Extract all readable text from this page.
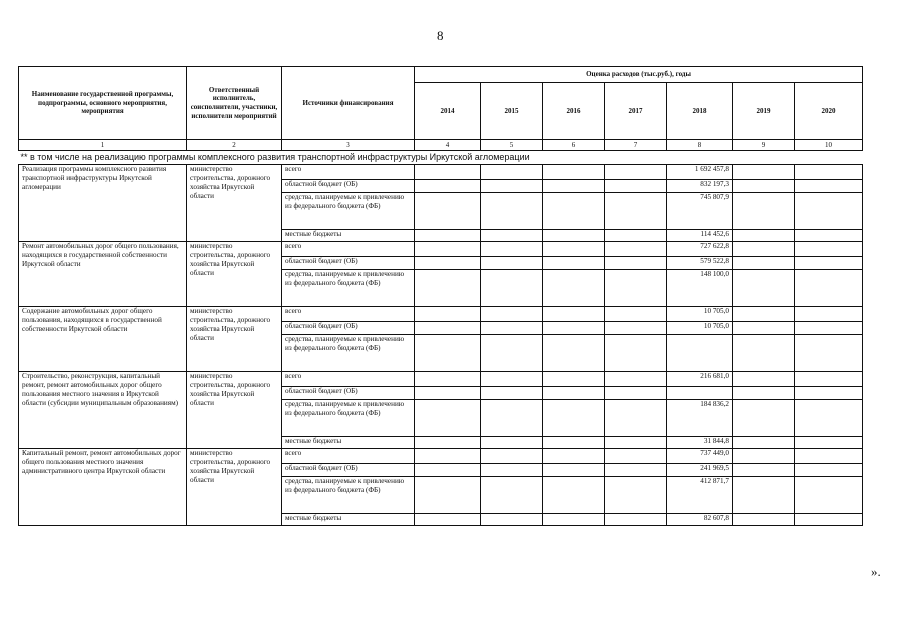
8
Наименование государственной программы, подпрограммы, основного мероприятия, мероприятия	Ответственный исполнитель, соисполнители, участники, исполнители мероприятий	Источники финансирования	Оценка расходов (тыс.руб.), годы						
			2014	2015	2016	2017	2018	2019	2020
1	2	3	4	5	6	7	8	9	10
** в том числе на реализацию программы комплексного развития транспортной инфраструктуры Иркутской агломерации									
Реализация программы комплексного развития транспортной инфраструктуры Иркутской агломерации	министерство строительства, дорожного хозяйства Иркутской области	всего					1 692 457,8		
		областной бюджет (ОБ)					832 197,3		
		средства, планируемые к привлечению из федерального бюджета (ФБ)					745 807,9		
		местные бюджеты					114 452,6		
Ремонт автомобильных дорог общего пользования, находящихся в государственной собственности Иркутской области	министерство строительства, дорожного хозяйства Иркутской области	всего					727 622,8		
		областной бюджет (ОБ)					579 522,8		
		средства, планируемые к привлечению из федерального бюджета (ФБ)					148 100,0		
Содержание автомобильных дорог общего пользования, находящихся в государственной собственности Иркутской области	министерство строительства, дорожного хозяйства Иркутской области	всего					10 705,0		
		областной бюджет (ОБ)					10 705,0		
		средства, планируемые к привлечению из федерального бюджета (ФБ)							
Строительство, реконструкция, капитальный ремонт, ремонт автомобильных дорог общего пользования местного значения в Иркутской области (субсидии муниципальным образованиям)	министерство строительства, дорожного хозяйства Иркутской области	всего					216 681,0		
		областной бюджет (ОБ)							
		средства, планируемые к привлечению из федерального бюджета (ФБ)					184 836,2		
		местные бюджеты					31 844,8		
Капитальный ремонт, ремонт автомобильных дорог общего пользования местного значения административного центра Иркутской области	министерство строительства, дорожного хозяйства Иркутской области	всего					737 449,0		
		областной бюджет (ОБ)					241 969,5		
		средства, планируемые к привлечению из федерального бюджета (ФБ)					412 871,7		
		местные бюджеты					82 607,8		
».
